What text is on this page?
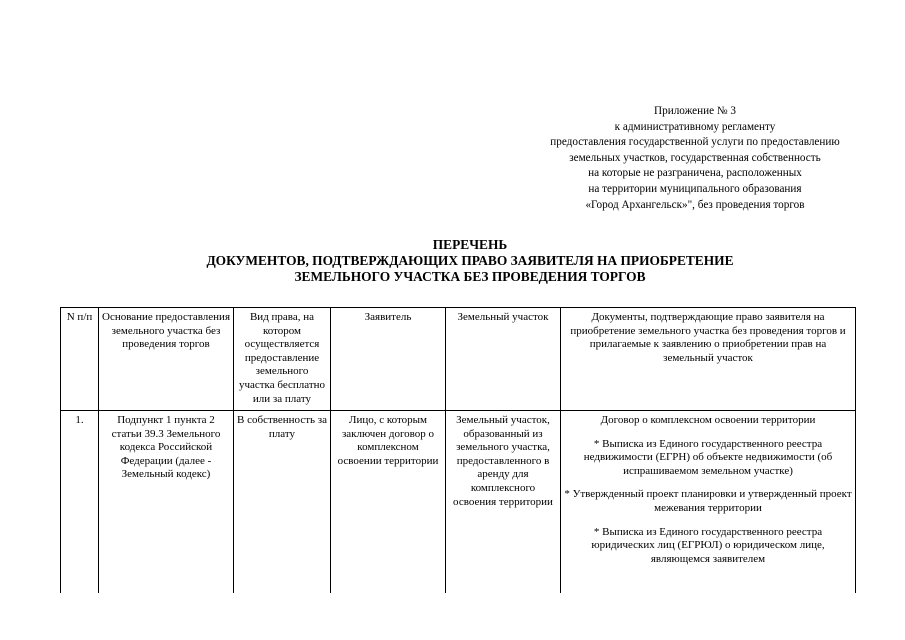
Приложение № 3
к административному регламенту
предоставления государственной услуги по предоставлению
земельных участков, государственная собственность
на которые не разграничена, расположенных
на территории муниципального образования
«Город Архангельск»", без проведения торгов
ПЕРЕЧЕНЬ
ДОКУМЕНТОВ, ПОДТВЕРЖДАЮЩИХ ПРАВО ЗАЯВИТЕЛЯ НА ПРИОБРЕТЕНИЕ
ЗЕМЕЛЬНОГО УЧАСТКА БЕЗ ПРОВЕДЕНИЯ ТОРГОВ
N п/п	Основание предоставления земельного участка без проведения торгов	Вид права, на котором осуществляется предоставление земельного участка бесплатно или за плату	Заявитель	Земельный участок	Документы, подтверждающие право заявителя на приобретение земельного участка без проведения торгов и прилагаемые к заявлению о приобретении прав на земельный участок
1.	Подпункт 1 пункта 2 статьи 39.3 Земельного кодекса Российской Федерации (далее - Земельный кодекс)	В собственность за плату	Лицо, с которым заключен договор о комплексном освоении территории	Земельный участок, образованный из земельного участка, предоставленного в аренду для комплексного освоения территории	Договор о комплексном освоении территории
* Выписка из Единого государственного реестра недвижимости (ЕГРН) об объекте недвижимости (об испрашиваемом земельном участке)
* Утвержденный проект планировки и утвержденный проект межевания территории
* Выписка из Единого государственного реестра юридических лиц (ЕГРЮЛ) о юридическом лице, являющемся заявителем
